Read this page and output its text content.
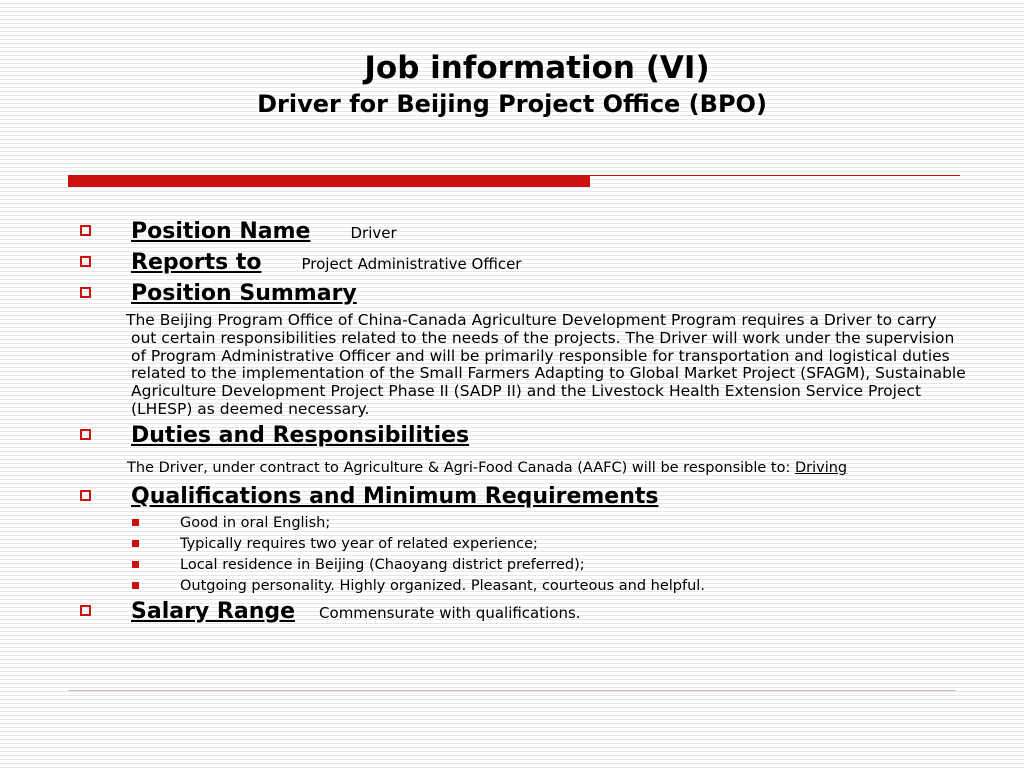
Job information (VI)
Driver for Beijing Project Office (BPO)
Position Name	Driver
Reports to	Project Administrative Officer
Position Summary

The Beijing Program Office of China-Canada Agriculture Development Program requires a Driver to carry out certain responsibilities related to the needs of the projects. The Driver will work under the supervision of Program Administrative Officer and will be primarily responsible for transportation and logistical duties related to the implementation of the Small Farmers Adapting to Global Market Project (SFAGM), Sustainable Agriculture Development Project Phase II (SADP II) and the Livestock Health Extension Service Project (LHESP) as deemed necessary.

Duties and Responsibilities
The Driver, under contract to Agriculture & Agri-Food Canada (AAFC) will be responsible to: Driving
Qualifications and Minimum Requirements
Good in oral English;
Typically requires two year of related experience;
Local residence in Beijing (Chaoyang district preferred);
Outgoing personality. Highly organized. Pleasant, courteous and helpful.
Salary Range Commensurate with qualifications.
